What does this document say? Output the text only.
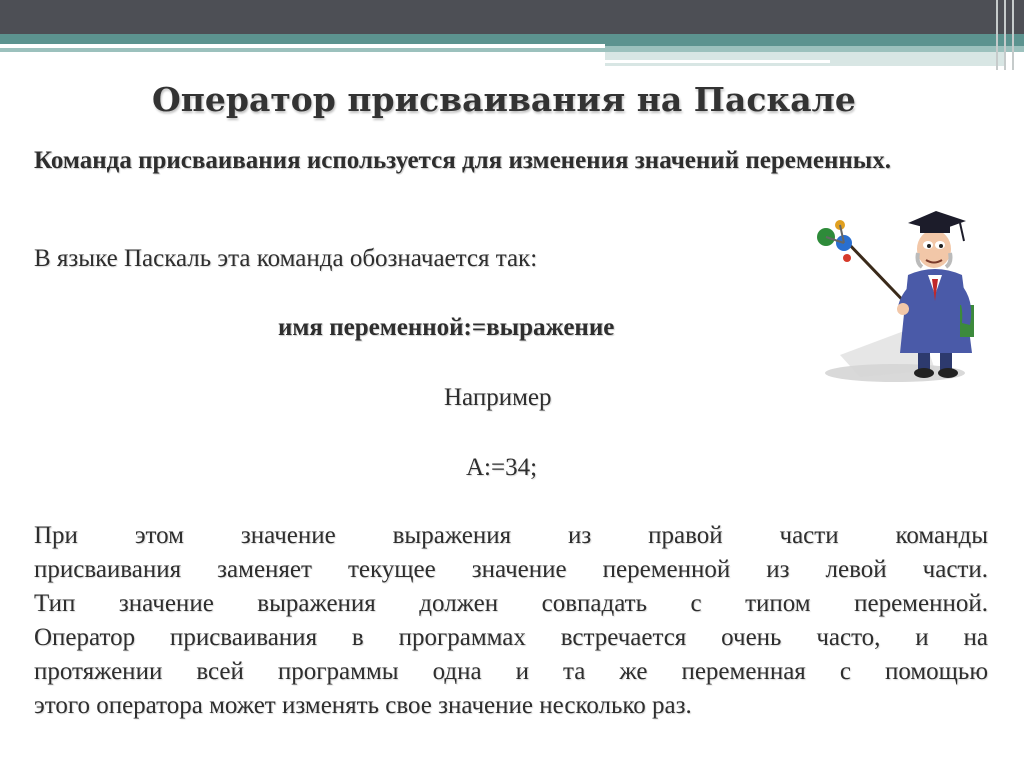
Оператор присваивания на Паскале
Команда присваивания используется для изменения значений переменных.
В языке Паскаль эта команда обозначается так:
имя переменной:=выражение
Например
A:=34;
При этом значение выражения из правой части команды
присваивания заменяет текущее значение переменной из левой части.
Тип значение выражения должен совпадать с типом переменной.
Оператор присваивания в программах встречается очень часто, и на
протяжении всей программы одна и та же переменная с помощью
этого оператора может изменять свое значение несколько раз.
